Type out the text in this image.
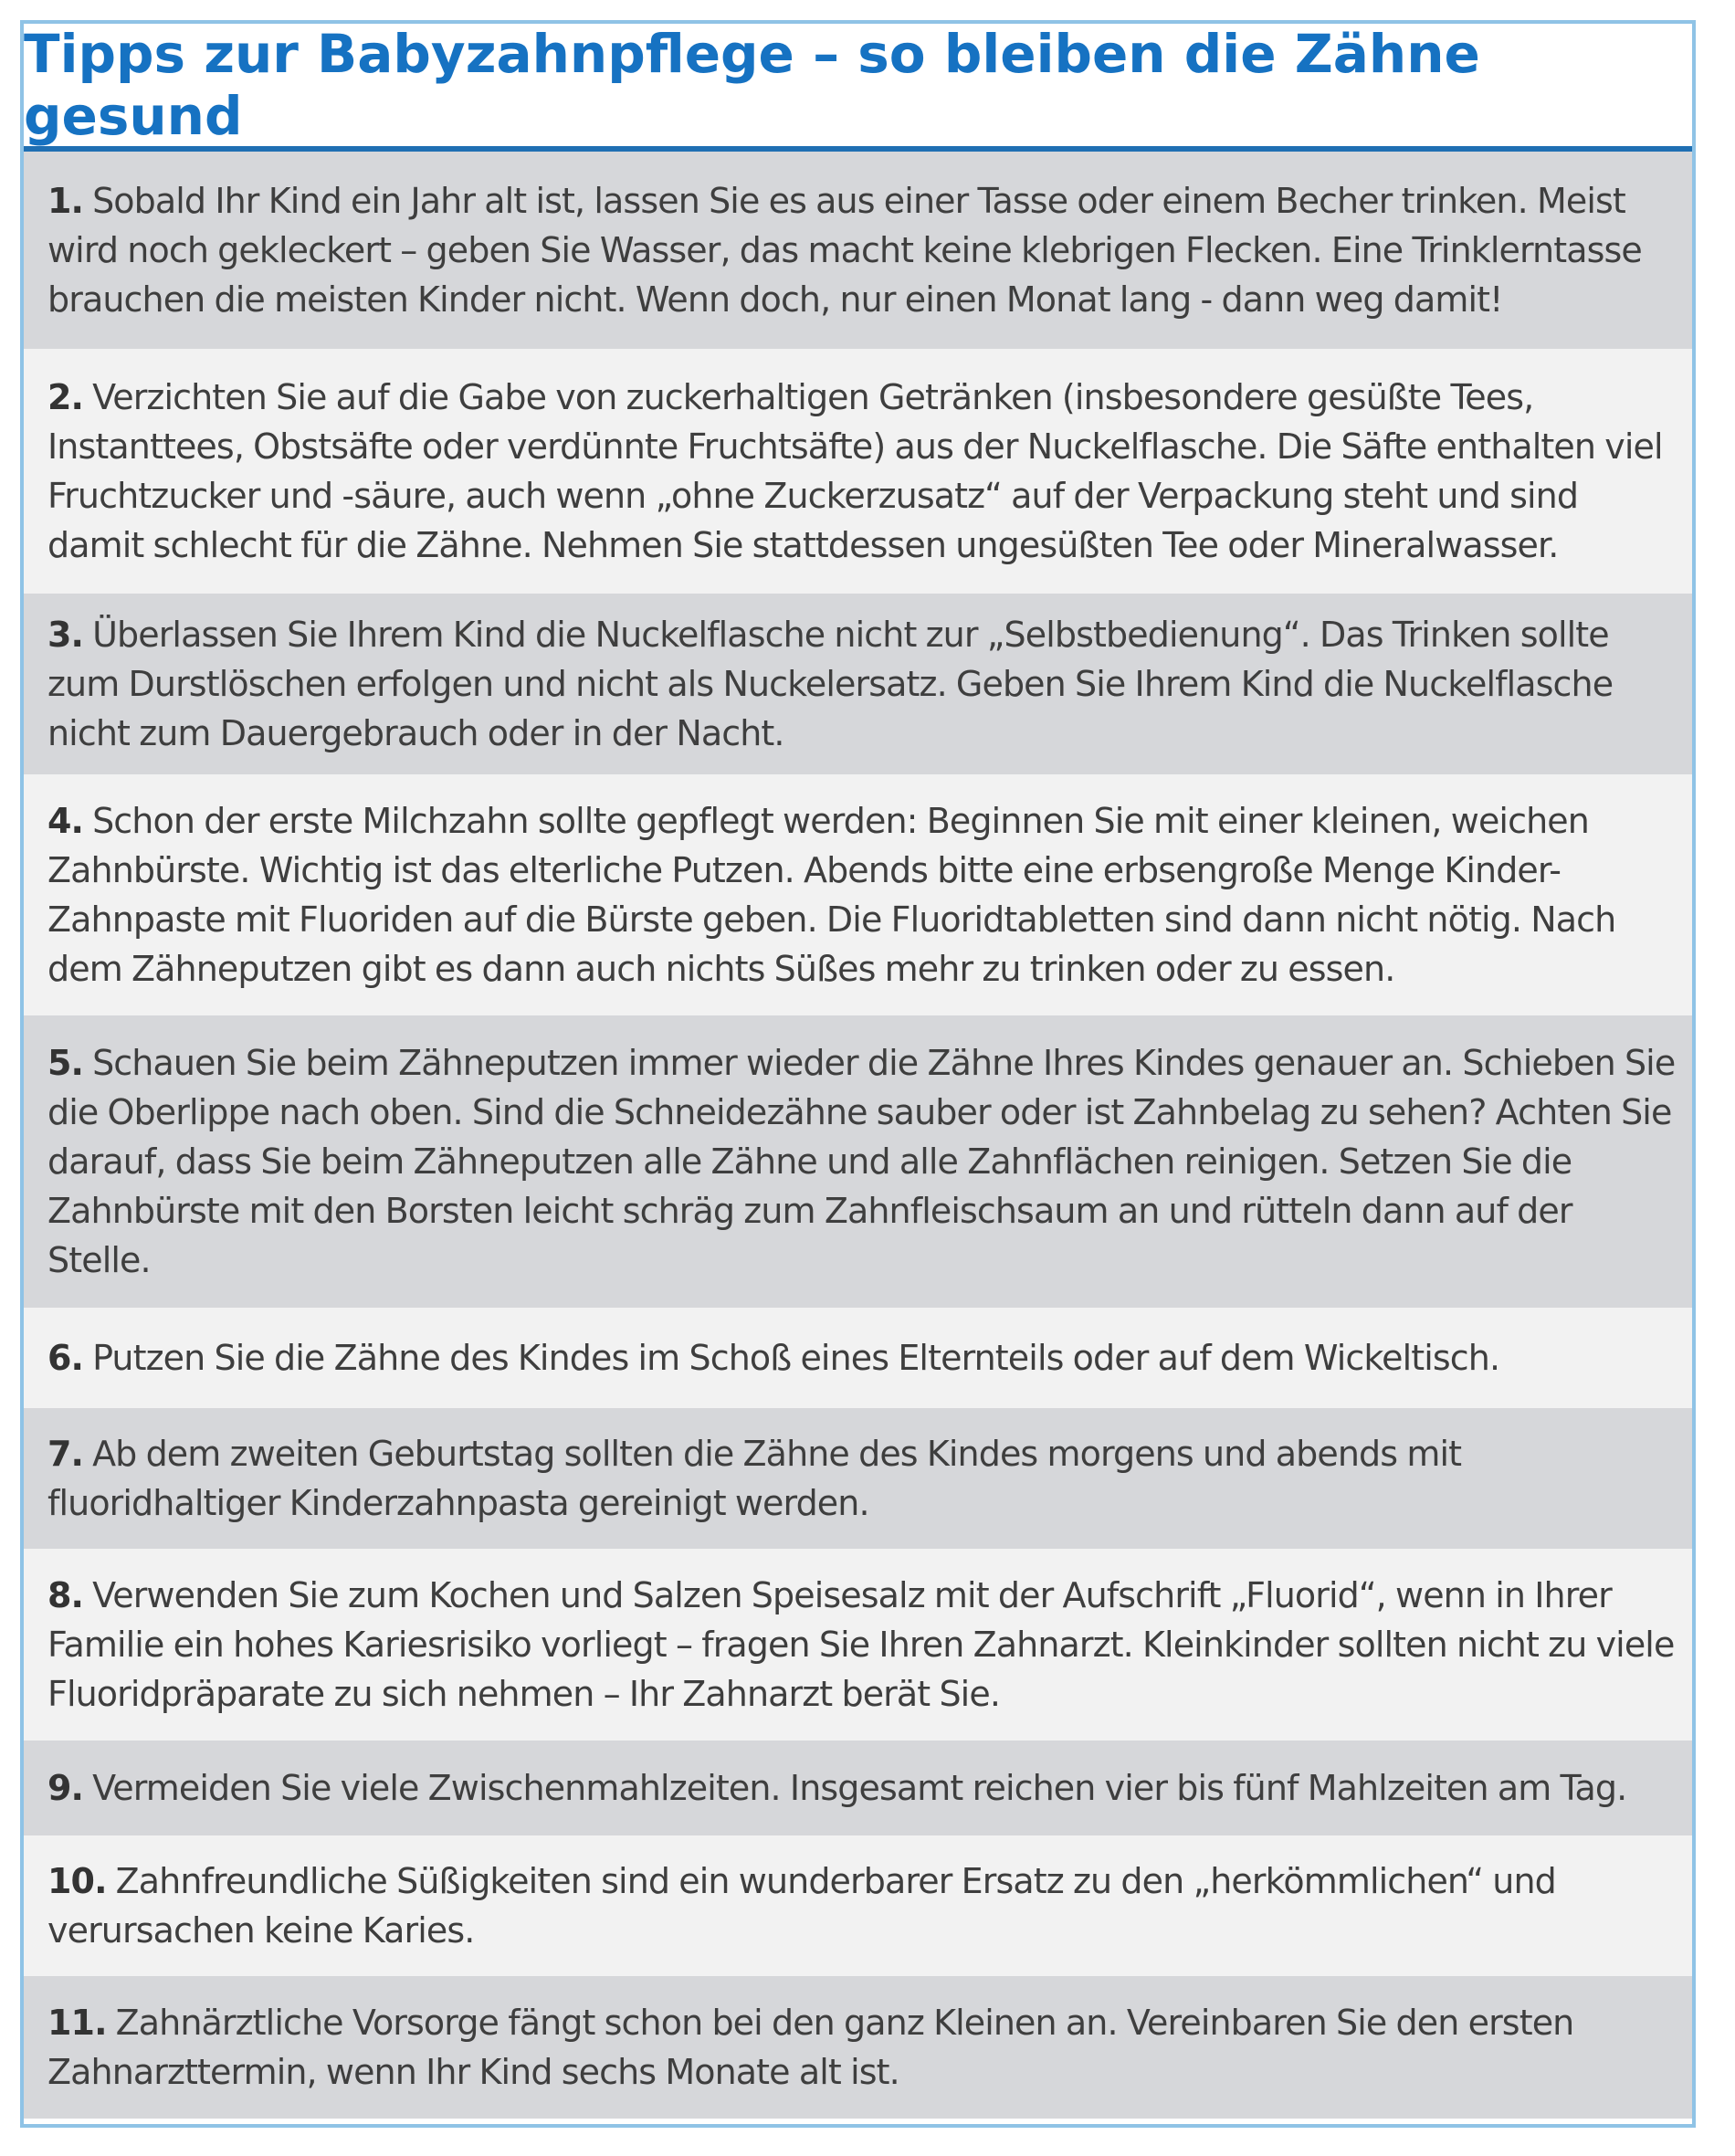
Tipps zur Babyzahnpflege – so bleiben die Zähne gesund

1. Sobald Ihr Kind ein Jahr alt ist, lassen Sie es aus einer Tasse oder einem Becher trinken. Meist wird noch gekleckert – geben Sie Wasser, das macht keine klebrigen Flecken. Eine Trinklerntasse brauchen die meisten Kinder nicht. Wenn doch, nur einen Monat lang - dann weg damit!

2. Verzichten Sie auf die Gabe von zuckerhaltigen Getränken (insbesondere gesüßte Tees, Instanttees, Obstsäfte oder verdünnte Fruchtsäfte) aus der Nuckelflasche. Die Säfte enthalten viel Fruchtzucker und -säure, auch wenn „ohne Zuckerzusatz“ auf der Verpackung steht und sind damit schlecht für die Zähne. Nehmen Sie stattdessen ungesüßten Tee oder Mineralwasser.

3. Überlassen Sie Ihrem Kind die Nuckelflasche nicht zur „Selbstbedienung“. Das Trinken sollte zum Durstlöschen erfolgen und nicht als Nuckelersatz. Geben Sie Ihrem Kind die Nuckelflasche nicht zum Dauergebrauch oder in der Nacht.

4. Schon der erste Milchzahn sollte gepflegt werden: Beginnen Sie mit einer kleinen, weichen Zahnbürste. Wichtig ist das elterliche Putzen. Abends bitte eine erbsengroße Menge Kinder-Zahnpaste mit Fluoriden auf die Bürste geben. Die Fluoridtabletten sind dann nicht nötig. Nach dem Zähneputzen gibt es dann auch nichts Süßes mehr zu trinken oder zu essen.

5. Schauen Sie beim Zähneputzen immer wieder die Zähne Ihres Kindes genauer an. Schieben Sie die Oberlippe nach oben. Sind die Schneidezähne sauber oder ist Zahnbelag zu sehen? Achten Sie darauf, dass Sie beim Zähneputzen alle Zähne und alle Zahnflächen reinigen. Setzen Sie die Zahnbürste mit den Borsten leicht schräg zum Zahnfleischsaum an und rütteln dann auf der Stelle.

6. Putzen Sie die Zähne des Kindes im Schoß eines Elternteils oder auf dem Wickeltisch.

7. Ab dem zweiten Geburtstag sollten die Zähne des Kindes morgens und abends mit fluoridhaltiger Kinderzahnpasta gereinigt werden.

8. Verwenden Sie zum Kochen und Salzen Speisesalz mit der Aufschrift „Fluorid“, wenn in Ihrer Familie ein hohes Kariesrisiko vorliegt – fragen Sie Ihren Zahnarzt. Kleinkinder sollten nicht zu viele Fluoridpräparate zu sich nehmen – Ihr Zahnarzt berät Sie.

9. Vermeiden Sie viele Zwischenmahlzeiten. Insgesamt reichen vier bis fünf Mahlzeiten am Tag.

10. Zahnfreundliche Süßigkeiten sind ein wunderbarer Ersatz zu den „herkömmlichen“ und verursachen keine Karies.

11. Zahnärztliche Vorsorge fängt schon bei den ganz Kleinen an. Vereinbaren Sie den ersten Zahnarzttermin, wenn Ihr Kind sechs Monate alt ist.
